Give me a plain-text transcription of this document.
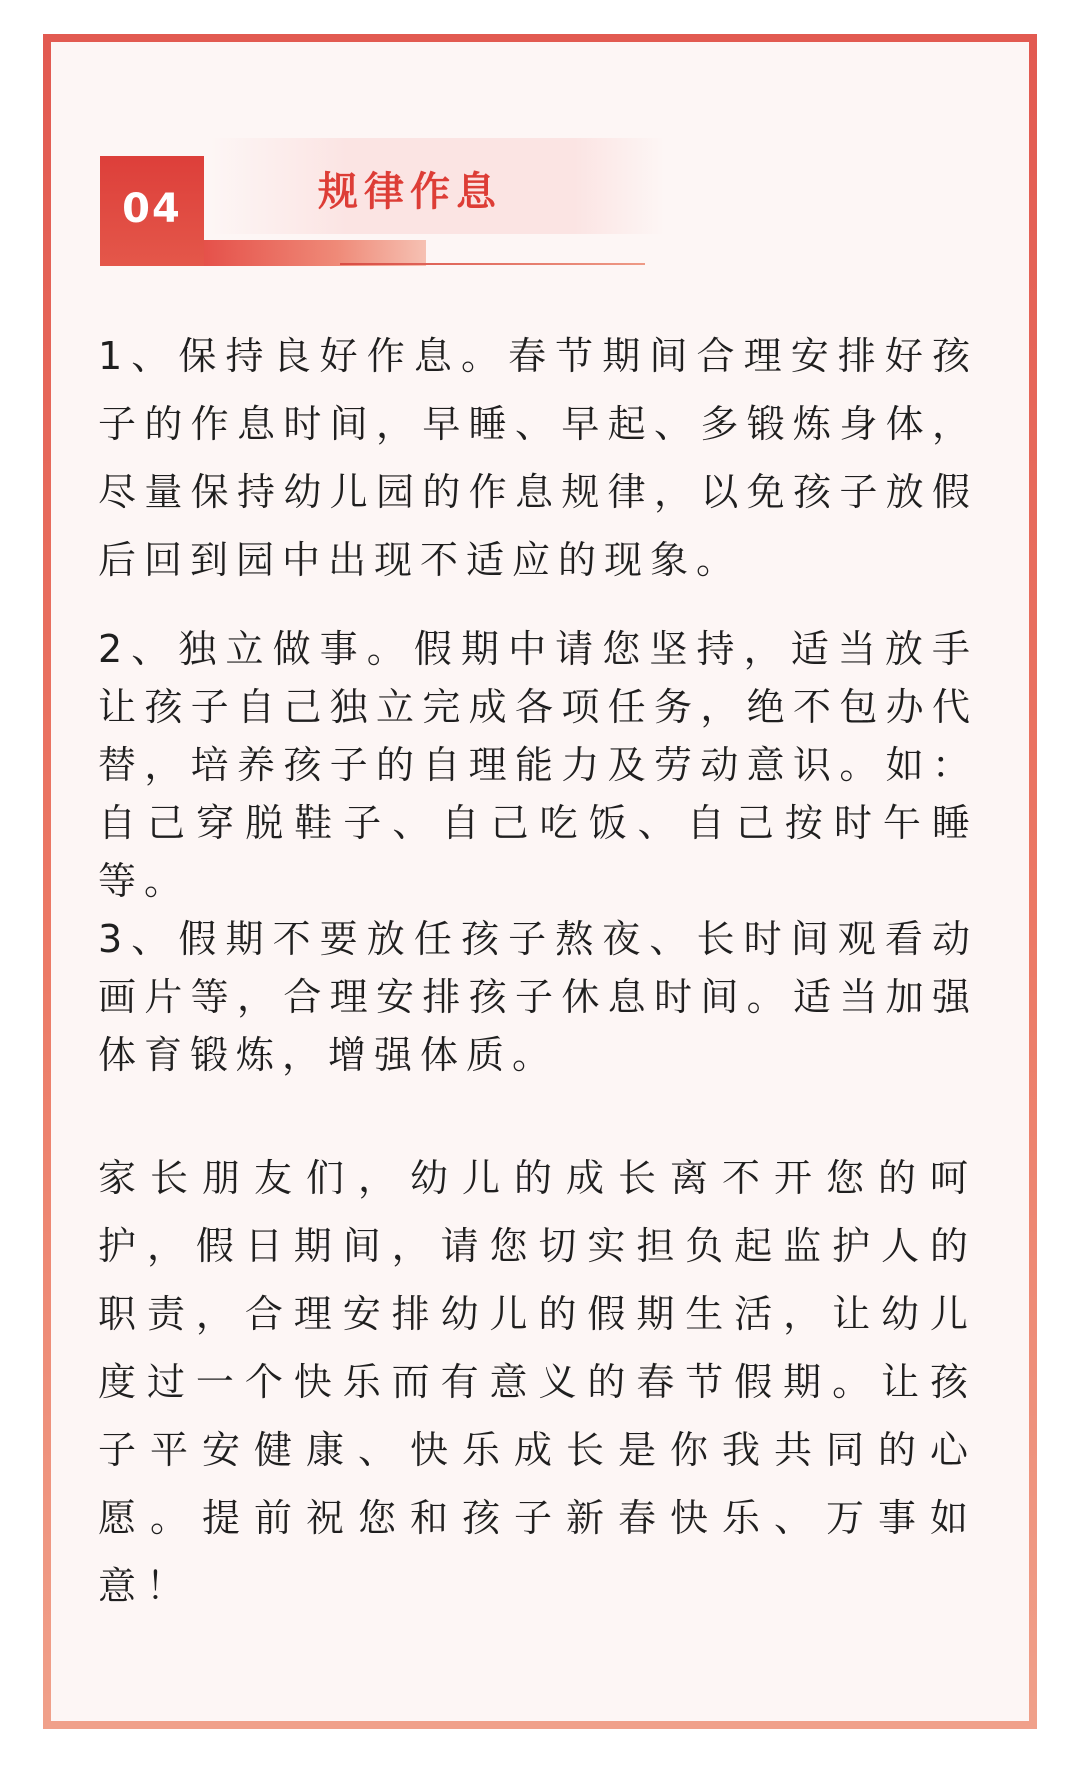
规律作息
04

1、保持良好作息。春节期间合理安排好孩子的作息时间，早睡、早起、多锻炼身体，尽量保持幼儿园的作息规律，以免孩子放假后回到园中出现不适应的现象。

2、独立做事。假期中请您坚持，适当放手让孩子自己独立完成各项任务，绝不包办代替，培养孩子的自理能力及劳动意识。如：自己穿脱鞋子、自己吃饭、自己按时午睡等。

3、假期不要放任孩子熬夜、长时间观看动画片等，合理安排孩子休息时间。适当加强体育锻炼，增强体质。

家长朋友们，幼儿的成长离不开您的呵护，假日期间，请您切实担负起监护人的职责，合理安排幼儿的假期生活，让幼儿度过一个快乐而有意义的春节假期。让孩子平安健康、快乐成长是你我共同的心愿。提前祝您和孩子新春快乐、万事如意！
